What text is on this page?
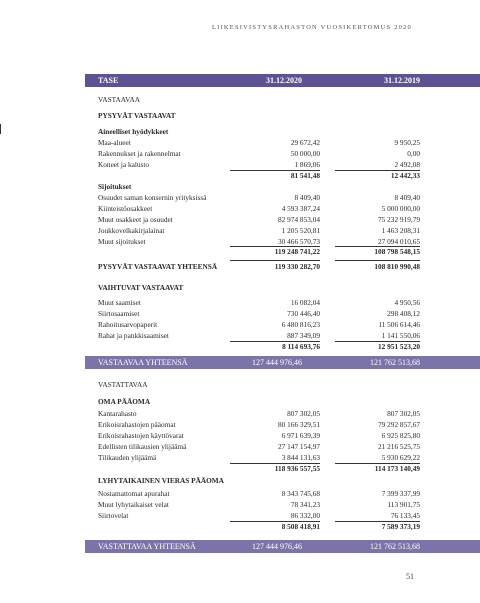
LIIKESIVISTYSRAHASTON VUOSIKERTOMUS 2020
TASE	31.12.2020	31.12.2019
VASTAAVAA
PYSYVÄT VASTAAVAT
Aineelliset hyödykkeet
Maa-alueet	29 672,42	9 950,25
Rakennukset ja rakennelmat	50 000,00	0,00
Koneet ja kalusto	1 869,06	2 492,08
81 541,48	12 442,33
Sijoitukset
Osuudet saman konsernin yrityksissä	8 409,40	8 409,40
Kiinteistöosakkeet	4 593 387,24	5 000 000,00
Muut osakkeet ja osuudet	82 974 853,04	75 232 919,79
Joukkovelkakirjalainat	1 205 520,81	1 463 208,31
Muut sijoitukset	30 466 570,73	27 094 010,65
119 248 741,22	108 798 548,15
PYSYVÄT VASTAAVAT YHTEENSÄ	119 330 282,70	108 810 990,48
VAIHTUVAT VASTAAVAT
Muut saamiset	16 082,04	4 950,56
Siirtosaamiset	730 446,40	298 408,12
Rahoitusarvopaperit	6 480 816,23	11 506 614,46
Rahat ja pankkisaamiset	887 349,09	1 141 550,06
8 114 693,76	12 951 523,20
VASTAAVAA YHTEENSÄ	127 444 976,46	121 762 513,68
VASTATTAVAA
OMA PÄÄOMA
Kantarahasto	807 302,05	807 302,05
Erikoisrahastojen pääomat	80 166 329,51	79 292 857,67
Erikoisrahastojen käyttövarat	6 971 639,39	6 925 825,80
Edellisten tilikausien ylijäämä	27 147 154,97	21 216 525,75
Tilikauden ylijäämä	3 844 131,63	5 930 629,22
118 936 557,55	114 173 140,49
LYHYTAIKAINEN VIERAS PÄÄOMA
Nostamattomat apurahat	8 343 745,68	7 399 337,99
Muut lyhytaikaiset velat	78 341,23	113 901,75
Siirtovelat	86 332,00	76 133,45
8 508 418,91	7 589 373,19
VASTATTAVAA YHTEENSÄ	127 444 976,46	121 762 513,68
51
